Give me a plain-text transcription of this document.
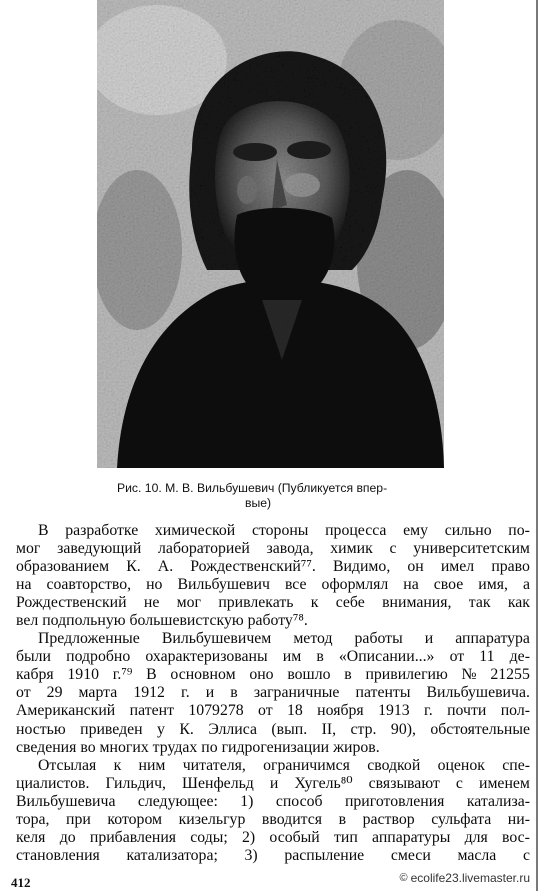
Рис. 10. М. В. Вильбушевич (Публикуется впер-
вые)
В разработке химической стороны процесса ему сильно по-
мог заведующий лабораторией завода, химик с университетским
образованием К. А. Рождественский⁷⁷. Видимо, он имел право
на соавторство, но Вильбушевич все оформлял на свое имя, а
Рождественский не мог привлекать к себе внимания, так как
вел подпольную большевистскую работу⁷⁸.
Предложенные Вильбушевичем метод работы и аппаратура
были подробно охарактеризованы им в «Описании...» от 11 де-
кабря 1910 г.⁷⁹ В основном оно вошло в привилегию № 21255
от 29 марта 1912 г. и в заграничные патенты Вильбушевича.
Американский патент 1079278 от 18 ноября 1913 г. почти пол-
ностью приведен у К. Эллиса (вып. II, стр. 90), обстоятельные
сведения во многих трудах по гидрогенизации жиров.
Отсылая к ним читателя, ограничимся сводкой оценок спе-
циалистов. Гильдич, Шенфельд и Хугель⁸⁰ связывают с именем
Вильбушевича следующее: 1) способ приготовления катализа-
тора, при котором кизельгур вводится в раствор сульфата ни-
келя до прибавления соды; 2) особый тип аппаратуры для вос-
становления катализатора; 3) распыление смеси масла с
412	© ecolife23.livemaster.ru
